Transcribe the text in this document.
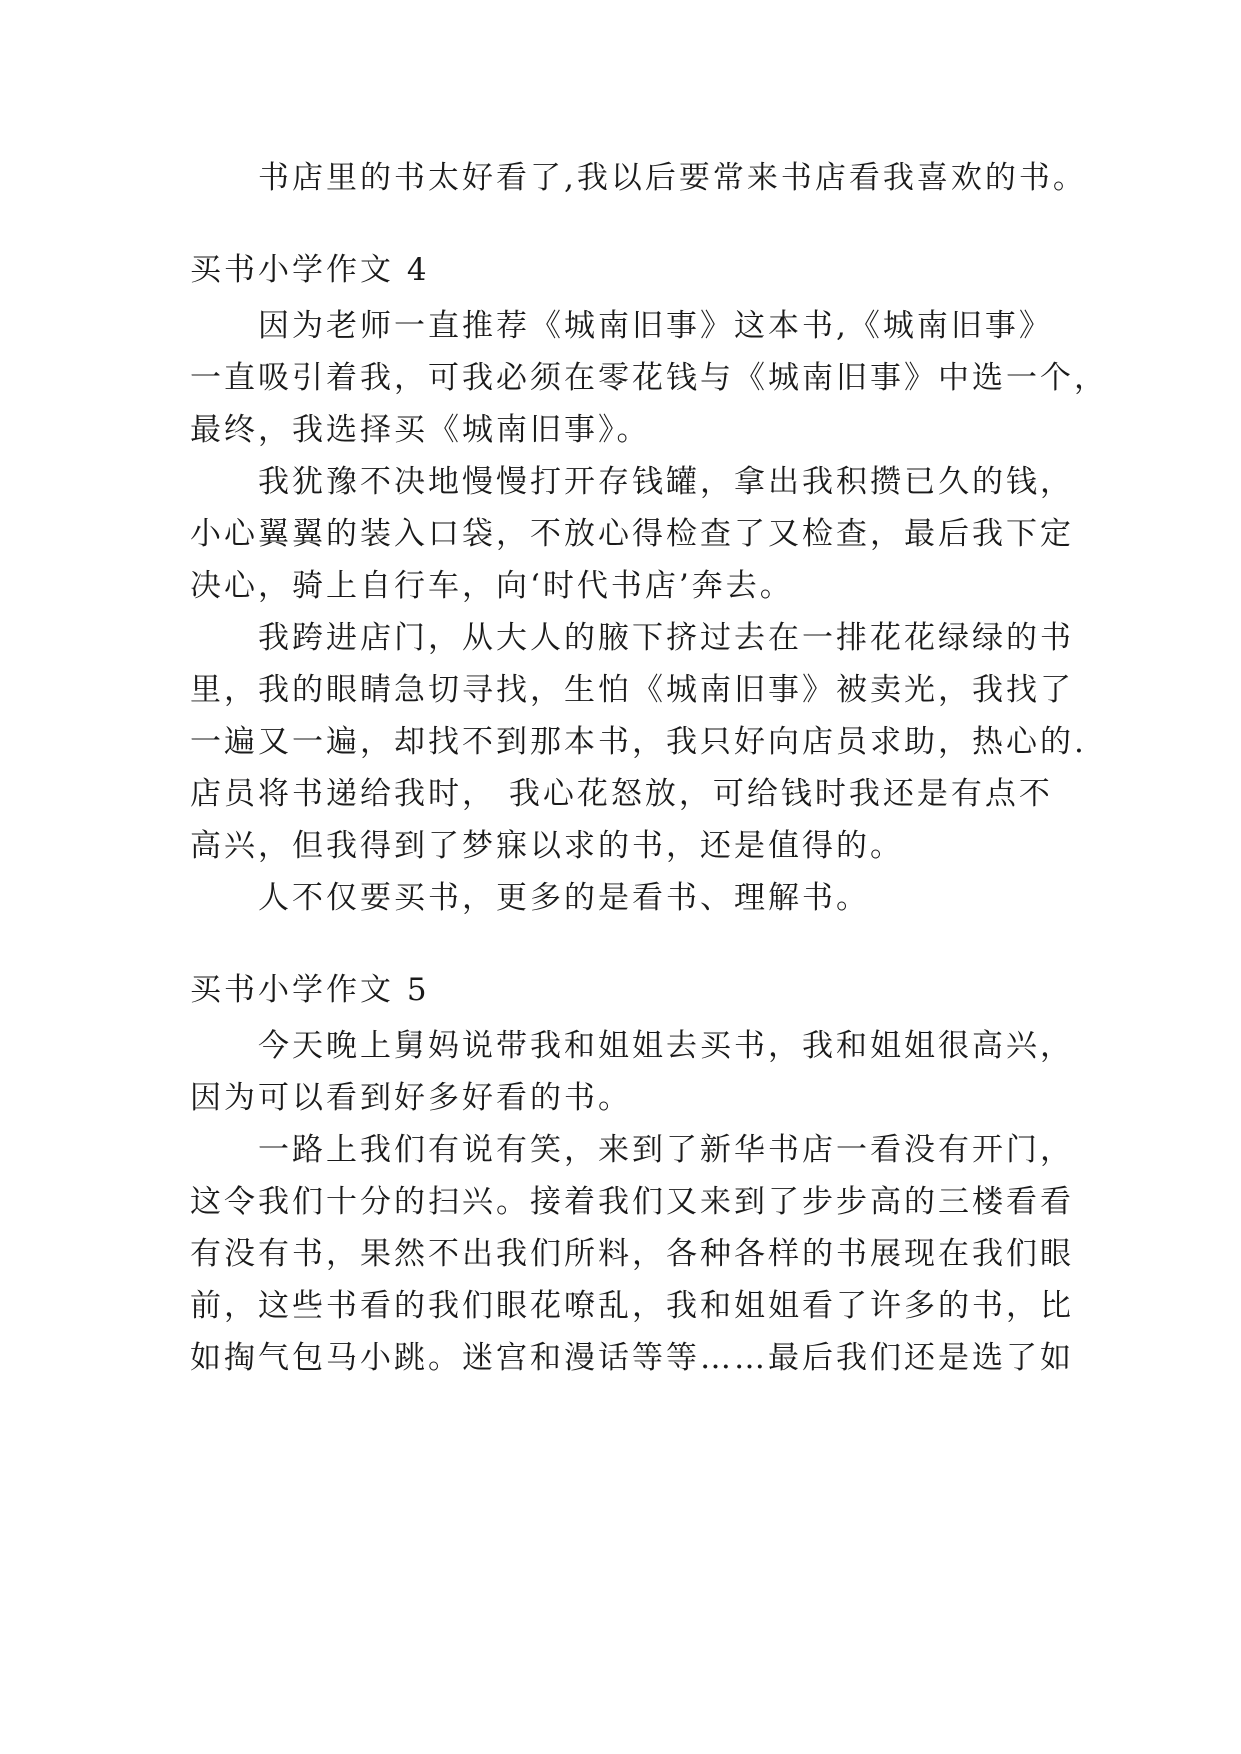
书店里的书太好看了,我以后要常来书店看我喜欢的书。
买书小学作文 4
因为老师一直推荐《城南旧事》这本书,《城南旧事》
一直吸引着我，可我必须在零花钱与《城南旧事》中选一个，
最终，我选择买《城南旧事》。
我犹豫不决地慢慢打开存钱罐，拿出我积攒已久的钱，
小心翼翼的装入口袋，不放心得检查了又检查，最后我下定
决心，骑上自行车，向‘时代书店’奔去。
我跨进店门，从大人的腋下挤过去在一排花花绿绿的书
里，我的眼睛急切寻找，生怕《城南旧事》被卖光，我找了
一遍又一遍，却找不到那本书，我只好向店员求助，热心的.
店员将书递给我时， 我心花怒放，可给钱时我还是有点不
高兴，但我得到了梦寐以求的书，还是值得的。
人不仅要买书，更多的是看书、理解书。
买书小学作文 5
今天晚上舅妈说带我和姐姐去买书，我和姐姐很高兴，
因为可以看到好多好看的书。
一路上我们有说有笑，来到了新华书店一看没有开门，
这令我们十分的扫兴。接着我们又来到了步步高的三楼看看
有没有书，果然不出我们所料，各种各样的书展现在我们眼
前，这些书看的我们眼花嘹乱，我和姐姐看了许多的书，比
如掏气包马小跳。迷宫和漫话等等……最后我们还是选了如
